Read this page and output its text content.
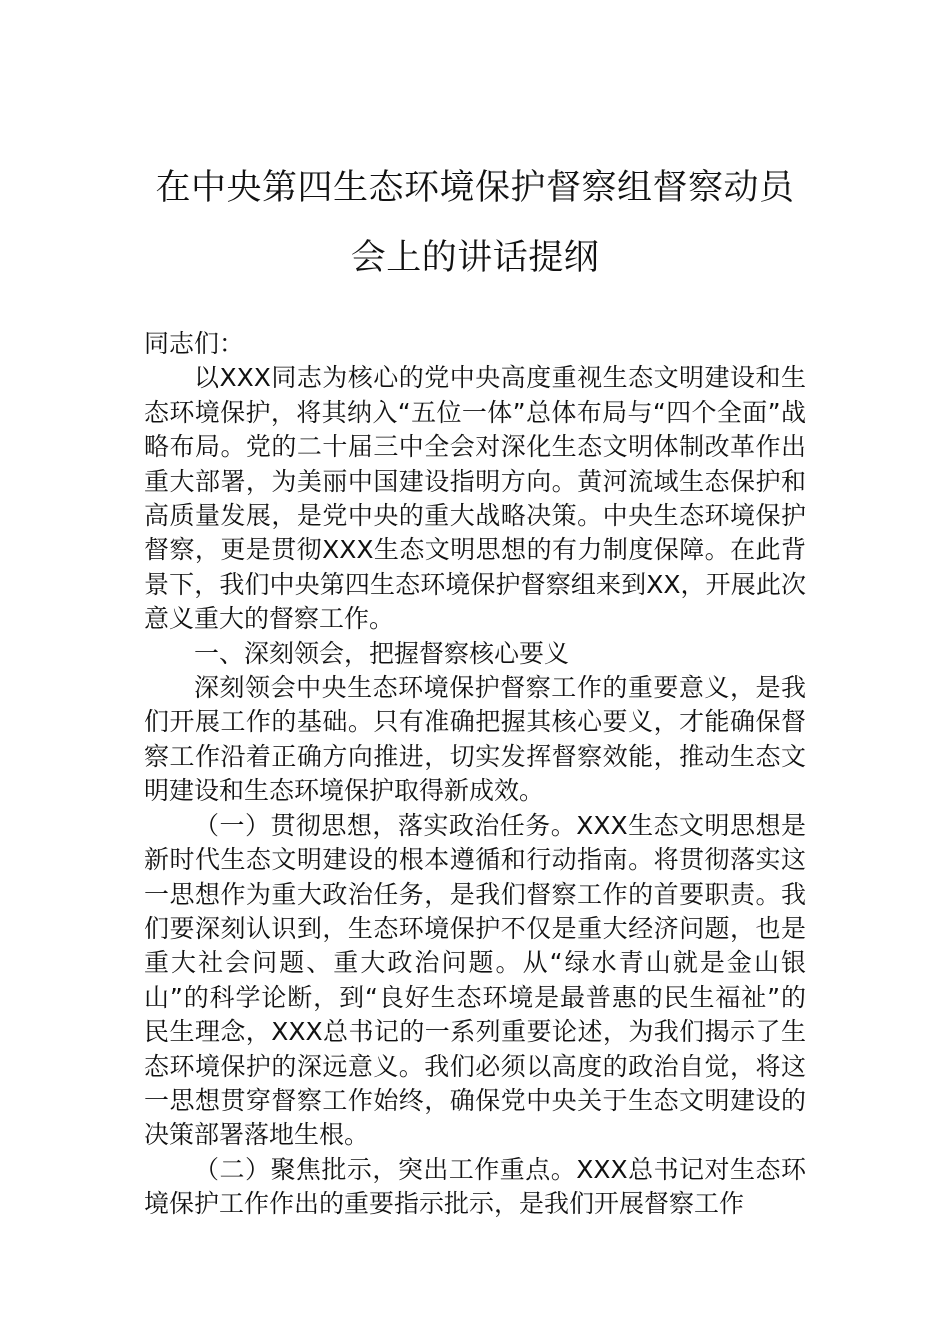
在中央第四生态环境保护督察组督察动员
会上的讲话提纲

同志们：

以XXX同志为核心的党中央高度重视生态文明建设和生态环境保护，将其纳入“五位一体”总体布局与“四个全面”战略布局。党的二十届三中全会对深化生态文明体制改革作出重大部署，为美丽中国建设指明方向。黄河流域生态保护和高质量发展，是党中央的重大战略决策。中央生态环境保护督察，更是贯彻XXX生态文明思想的有力制度保障。在此背景下，我们中央第四生态环境保护督察组来到XX，开展此次意义重大的督察工作。

一、深刻领会，把握督察核心要义

深刻领会中央生态环境保护督察工作的重要意义，是我们开展工作的基础。只有准确把握其核心要义，才能确保督察工作沿着正确方向推进，切实发挥督察效能，推动生态文明建设和生态环境保护取得新成效。

（一）贯彻思想，落实政治任务。XXX生态文明思想是新时代生态文明建设的根本遵循和行动指南。将贯彻落实这一思想作为重大政治任务，是我们督察工作的首要职责。我们要深刻认识到，生态环境保护不仅是重大经济问题，也是重大社会问题、重大政治问题。从“绿水青山就是金山银山”的科学论断，到“良好生态环境是最普惠的民生福祉”的民生理念，XXX总书记的一系列重要论述，为我们揭示了生态环境保护的深远意义。我们必须以高度的政治自觉，将这一思想贯穿督察工作始终，确保党中央关于生态文明建设的决策部署落地生根。

（二）聚焦批示，突出工作重点。XXX总书记对生态环境保护工作作出的重要指示批示，是我们开展督察工作
